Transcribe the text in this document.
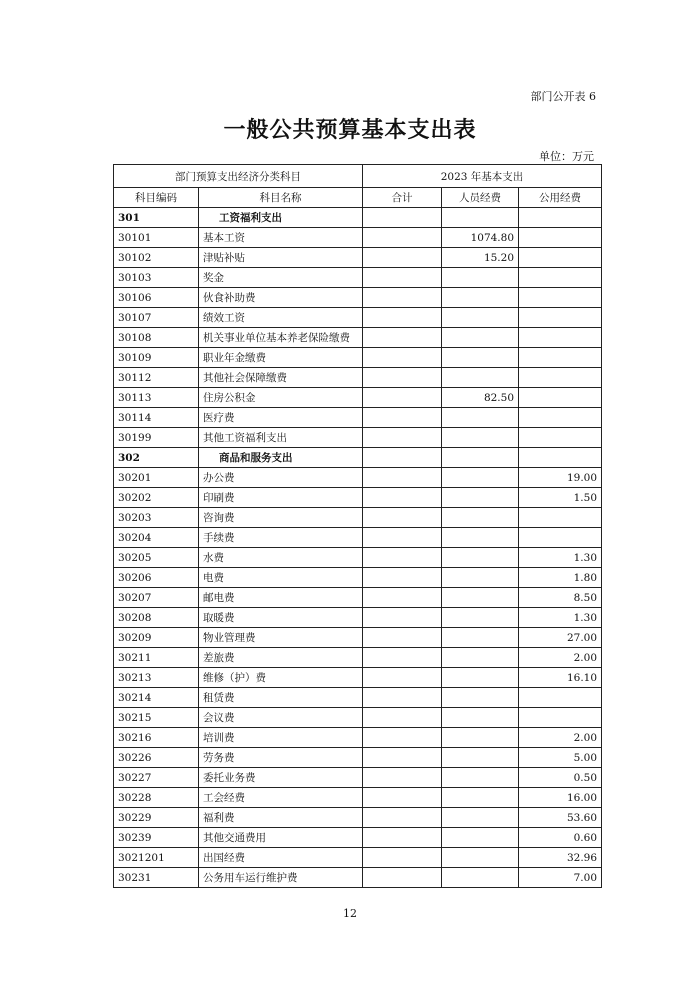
部门公开表 6
一般公共预算基本支出表
单位：万元
部门预算支出经济分类科目		2023 年基本支出		
科目编码	科目名称	合计	人员经费	公用经费
301	工资福利支出			
30101	基本工资		1074.80	
30102	津贴补贴		15.20	
30103	奖金			
30106	伙食补助费			
30107	绩效工资			
30108	机关事业单位基本养老保险缴费			
30109	职业年金缴费			
30112	其他社会保障缴费			
30113	住房公积金		82.50	
30114	医疗费			
30199	其他工资福利支出			
302	商品和服务支出			
30201	办公费			19.00
30202	印刷费			1.50
30203	咨询费			
30204	手续费			
30205	水费			1.30
30206	电费			1.80
30207	邮电费			8.50
30208	取暖费			1.30
30209	物业管理费			27.00
30211	差旅费			2.00
30213	维修（护）费			16.10
30214	租赁费			
30215	会议费			
30216	培训费			2.00
30226	劳务费			5.00
30227	委托业务费			0.50
30228	工会经费			16.00
30229	福利费			53.60
30239	其他交通费用			0.60
3021201	出国经费			32.96
30231	公务用车运行维护费			7.00
12
